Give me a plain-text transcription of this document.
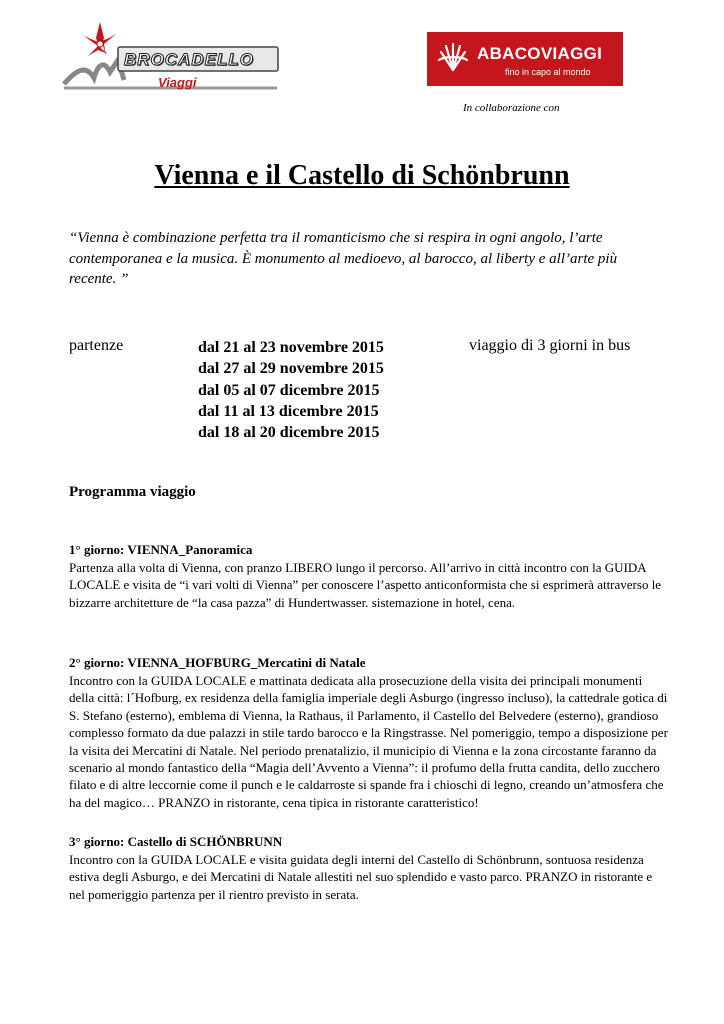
BROCADELLO
Viaggi
ABACOVIAGGI
fino in capo al mondo
In collaborazione con
Vienna e il Castello di Schönbrunn

“Vienna è combinazione perfetta tra il romanticismo che si respira in ogni angolo, l’arte contemporanea e la musica. È monumento al medioevo, al barocco, al liberty e all’arte più recente. ”

partenze	dal 21 al 23 novembre 2015
dal 27 al 29 novembre 2015
dal 05 al 07 dicembre 2015
dal 11 al 13 dicembre 2015
dal 18 al 20 dicembre 2015
viaggio di 3 giorni in bus
Programma viaggio
1° giorno: VIENNA_Panoramica

Partenza alla volta di Vienna, con pranzo LIBERO lungo il percorso. All’arrivo in città incontro con la GUIDA LOCALE e visita de “i vari volti di Vienna” per conoscere l’aspetto anticonformista che si esprimerà attraverso le bizzarre architetture de “la casa pazza” di Hundertwasser. sistemazione in hotel, cena.

2° giorno: VIENNA_HOFBURG_Mercatini di Natale

Incontro con la GUIDA LOCALE e mattinata dedicata alla prosecuzione della visita dei principali monumenti della città: l´Hofburg, ex residenza della famiglia imperiale degli Asburgo (ingresso incluso), la cattedrale gotica di S. Stefano (esterno), emblema di Vienna, la Rathaus, il Parlamento, il Castello del Belvedere (esterno), grandioso complesso formato da due palazzi in stile tardo barocco e la Ringstrasse. Nel pomeriggio, tempo a disposizione per la visita dei Mercatini di Natale. Nel periodo prenatalizio, il municipio di Vienna e la zona circostante faranno da scenario al mondo fantastico della “Magia dell’Avvento a Vienna”: il profumo della frutta candita, dello zucchero filato e di altre leccornie come il punch e le caldarroste si spande fra i chioschi di legno, creando un’atmosfera che ha del magico… PRANZO in ristorante, cena tipica in ristorante caratteristico!

3° giorno: Castello di SCHÖNBRUNN

Incontro con la GUIDA LOCALE e visita guidata degli interni del Castello di Schönbrunn, sontuosa residenza estiva degli Asburgo, e dei Mercatini di Natale allestiti nel suo splendido e vasto parco. PRANZO in ristorante e nel pomeriggio partenza per il rientro previsto in serata.
